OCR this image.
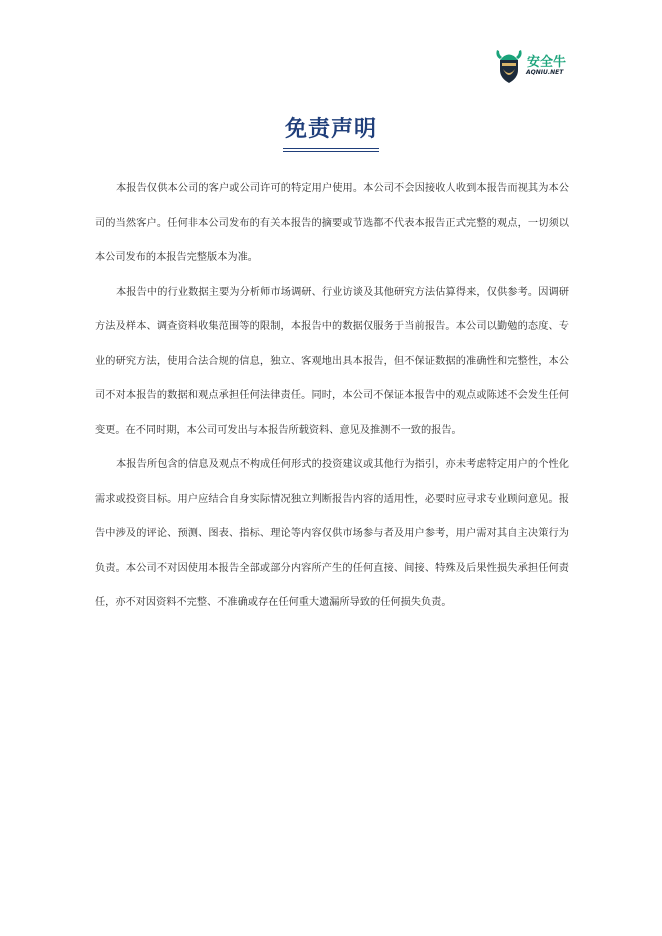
安全牛
AQNIU.NET
免责声明

本报告仅供本公司的客户或公司许可的特定用户使用。本公司不会因接收人收到本报告而视其为本公司的当然客户。任何非本公司发布的有关本报告的摘要或节选都不代表本报告正式完整的观点，一切须以本公司发布的本报告完整版本为准。

本报告中的行业数据主要为分析师市场调研、行业访谈及其他研究方法估算得来，仅供参考。因调研方法及样本、调查资料收集范围等的限制，本报告中的数据仅服务于当前报告。本公司以勤勉的态度、专业的研究方法，使用合法合规的信息，独立、客观地出具本报告，但不保证数据的准确性和完整性，本公司不对本报告的数据和观点承担任何法律责任。同时，本公司不保证本报告中的观点或陈述不会发生任何变更。在不同时期，本公司可发出与本报告所载资料、意见及推测不一致的报告。

本报告所包含的信息及观点不构成任何形式的投资建议或其他行为指引，亦未考虑特定用户的个性化需求或投资目标。用户应结合自身实际情况独立判断报告内容的适用性，必要时应寻求专业顾问意见。报告中涉及的评论、预测、图表、指标、理论等内容仅供市场参与者及用户参考，用户需对其自主决策行为负责。本公司不对因使用本报告全部或部分内容所产生的任何直接、间接、特殊及后果性损失承担任何责任，亦不对因资料不完整、不准确或存在任何重大遗漏所导致的任何损失负责。
